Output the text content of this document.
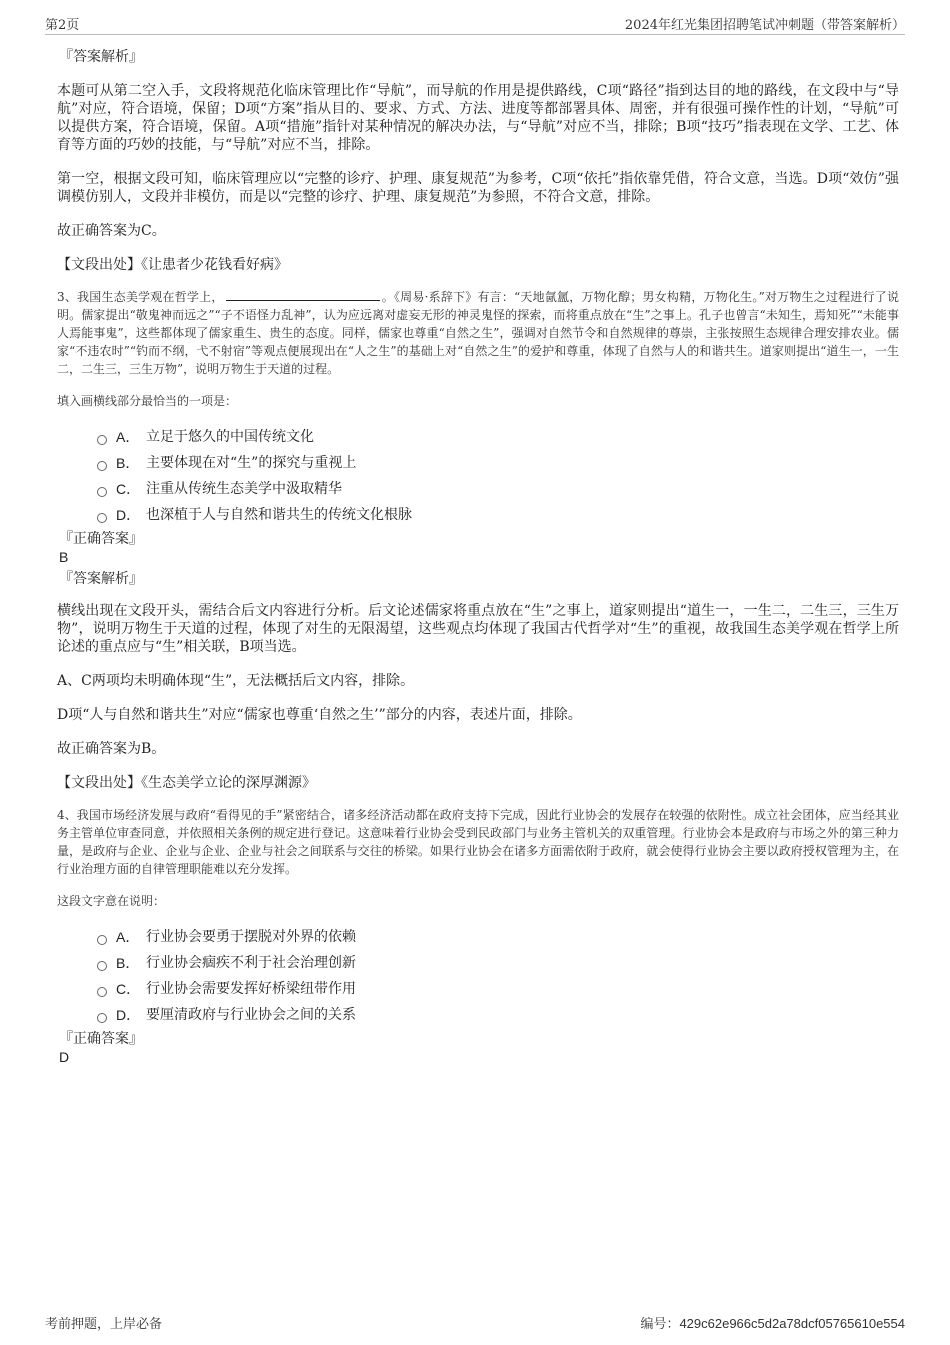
第2页	2024年红光集团招聘笔试冲刺题（带答案解析）
『答案解析』

本题可从第二空入手，文段将规范化临床管理比作“导航”，而导航的作用是提供路线，C项“路径”指到达目的地的路线，在文段中与“导航”对应，符合语境，保留；D项“方案”指从目的、要求、方式、方法、进度等都部署具体、周密，并有很强可操作性的计划，“导航”可以提供方案，符合语境，保留。A项“措施”指针对某种情况的解决办法，与“导航”对应不当，排除；B项“技巧”指表现在文学、工艺、体育等方面的巧妙的技能，与“导航”对应不当，排除。

第一空，根据文段可知，临床管理应以“完整的诊疗、护理、康复规范”为参考，C项“依托”指依靠凭借，符合文意，当选。D项“效仿”强调模仿别人，文段并非模仿，而是以“完整的诊疗、护理、康复规范”为参照，不符合文意，排除。

故正确答案为C。

【文段出处】《让患者少花钱看好病》

3、我国生态美学观在哲学上，	。《周易·系辞下》有言：“天地氤氲，万物化醇；男女构精，万物化生。”对万物生之过程进行了说明。儒家提出“敬鬼神而远之”“子不语怪力乱神”，认为应远离对虚妄无形的神灵鬼怪的探索，而将重点放在“生”之事上。孔子也曾言“未知生，焉知死”“未能事人焉能事鬼”，这些都体现了儒家重生、贵生的态度。同样，儒家也尊重“自然之生”，强调对自然节令和自然规律的尊崇，主张按照生态规律合理安排农业。儒家“不违农时”“钓而不纲，弋不射宿”等观点便展现出在“人之生”的基础上对“自然之生”的爱护和尊重，体现了自然与人的和谐共生。道家则提出“道生一，一生二，二生三，三生万物”，说明万物生于天道的过程。

填入画横线部分最恰当的一项是：

A． 立足于悠久的中国传统文化
B． 主要体现在对“生”的探究与重视上
C． 注重从传统生态美学中汲取精华
D． 也深植于人与自然和谐共生的传统文化根脉
『正确答案』
B
『答案解析』

横线出现在文段开头，需结合后文内容进行分析。后文论述儒家将重点放在“生”之事上，道家则提出“道生一，一生二，二生三，三生万物”，说明万物生于天道的过程，体现了对生的无限渴望，这些观点均体现了我国古代哲学对“生”的重视，故我国生态美学观在哲学上所论述的重点应与“生”相关联，B项当选。

A、C两项均未明确体现“生”，无法概括后文内容，排除。

D项“人与自然和谐共生”对应“儒家也尊重‘自然之生’”部分的内容，表述片面，排除。

故正确答案为B。

【文段出处】《生态美学立论的深厚渊源》

4、我国市场经济发展与政府“看得见的手”紧密结合，诸多经济活动都在政府支持下完成，因此行业协会的发展存在较强的依附性。成立社会团体，应当经其业务主管单位审查同意，并依照相关条例的规定进行登记。这意味着行业协会受到民政部门与业务主管机关的双重管理。行业协会本是政府与市场之外的第三种力量，是政府与企业、企业与企业、企业与社会之间联系与交往的桥梁。如果行业协会在诸多方面需依附于政府，就会使得行业协会主要以政府授权管理为主，在行业治理方面的自律管理职能难以充分发挥。

这段文字意在说明：

A． 行业协会要勇于摆脱对外界的依赖
B． 行业协会痼疾不利于社会治理创新
C． 行业协会需要发挥好桥梁纽带作用
D． 要厘清政府与行业协会之间的关系
『正确答案』
D
考前押题，上岸必备	编号：429c62e966c5d2a78dcf05765610e554
